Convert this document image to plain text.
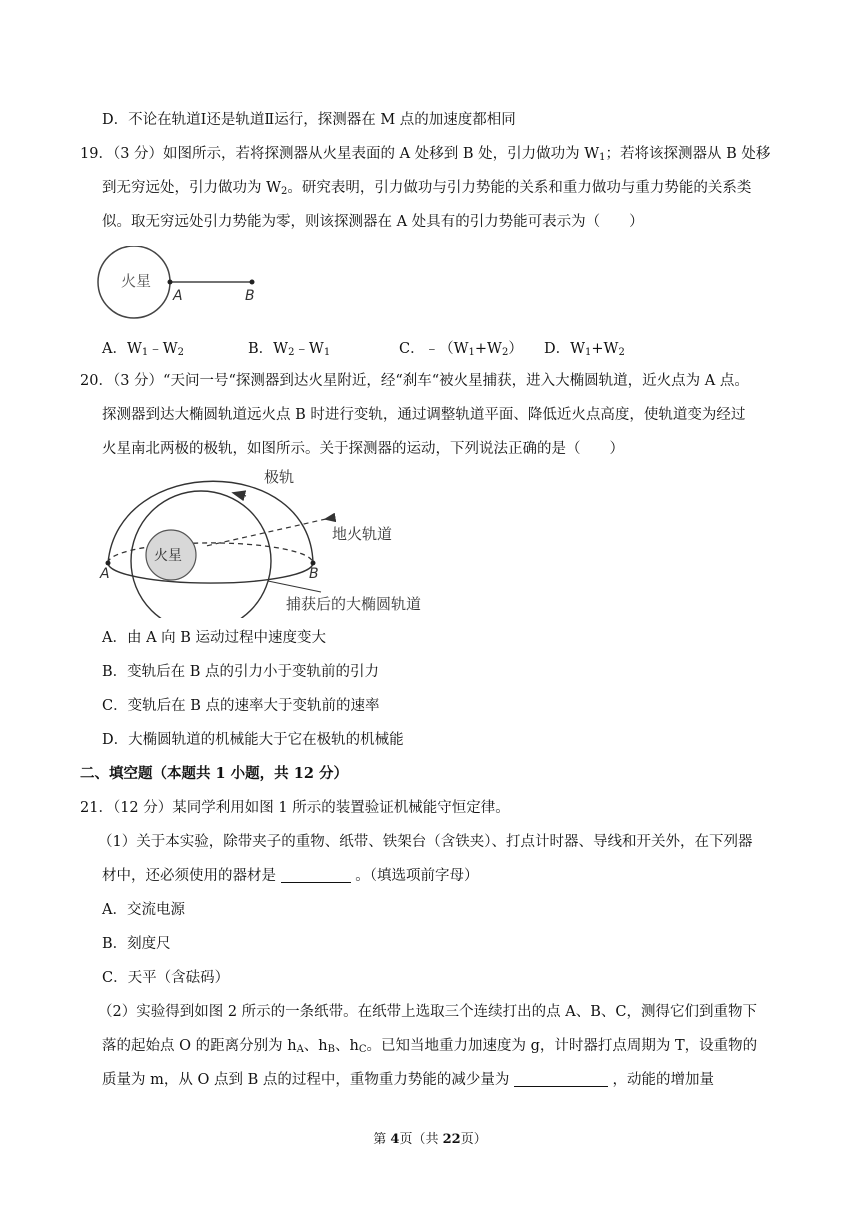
D．不论在轨道Ⅰ还是轨道Ⅱ运行，探测器在 M 点的加速度都相同
19．（3 分）如图所示，若将探测器从火星表面的 A 处移到 B 处，引力做功为 $W_1$；若将该探测器从 B 处移
到无穷远处，引力做功为 $W_2$。研究表明，引力做功与引力势能的关系和重力做功与重力势能的关系类
似。取无穷远处引力势能为零，则该探测器在 A 处具有的引力势能可表示为（　　）
火星
A	B
A．$W_1﹣W_2$	B．$W_2﹣W_1$	C．$﹣(W_1+W_2)$ D．$W_1+W_2$
20．（3 分）“天问一号“探测器到达火星附近，经“刹车“被火星捕获，进入大椭圆轨道，近火点为 A 点。
探测器到达大椭圆轨道远火点 B 时进行变轨，通过调整轨道平面、降低近火点高度，使轨道变为经过
火星南北两极的极轨，如图所示。关于探测器的运动，下列说法正确的是（　　）
火星
极轨
地火轨道
A	B
捕获后的大椭圆轨道
A．由 A 向 B 运动过程中速度变大
B．变轨后在 B 点的引力小于变轨前的引力
C．变轨后在 B 点的速率大于变轨前的速率
D．大椭圆轨道的机械能大于它在极轨的机械能
二、填空题（本题共 1 小题，共 12 分）
21．（12 分）某同学利用如图 1 所示的装置验证机械能守恒定律。
（1）关于本实验，除带夹子的重物、纸带、铁架台（含铁夹）、打点计时器、导线和开关外，在下列器
材中，还必须使用的器材是	。（填选项前字母）
A．交流电源
B．刻度尺
C．天平（含砝码）
（2）实验得到如图 2 所示的一条纸带。在纸带上选取三个连续打出的点 A、B、C，测得它们到重物下
落的起始点 O 的距离分别为 $h_A$、$h_B$、$h_C$。已知当地重力加速度为 g，计时器打点周期为 T，设重物的
质量为 m，从 O 点到 B 点的过程中，重物重力势能的减少量为	，动能的增加量
第 4页（共 22页）
